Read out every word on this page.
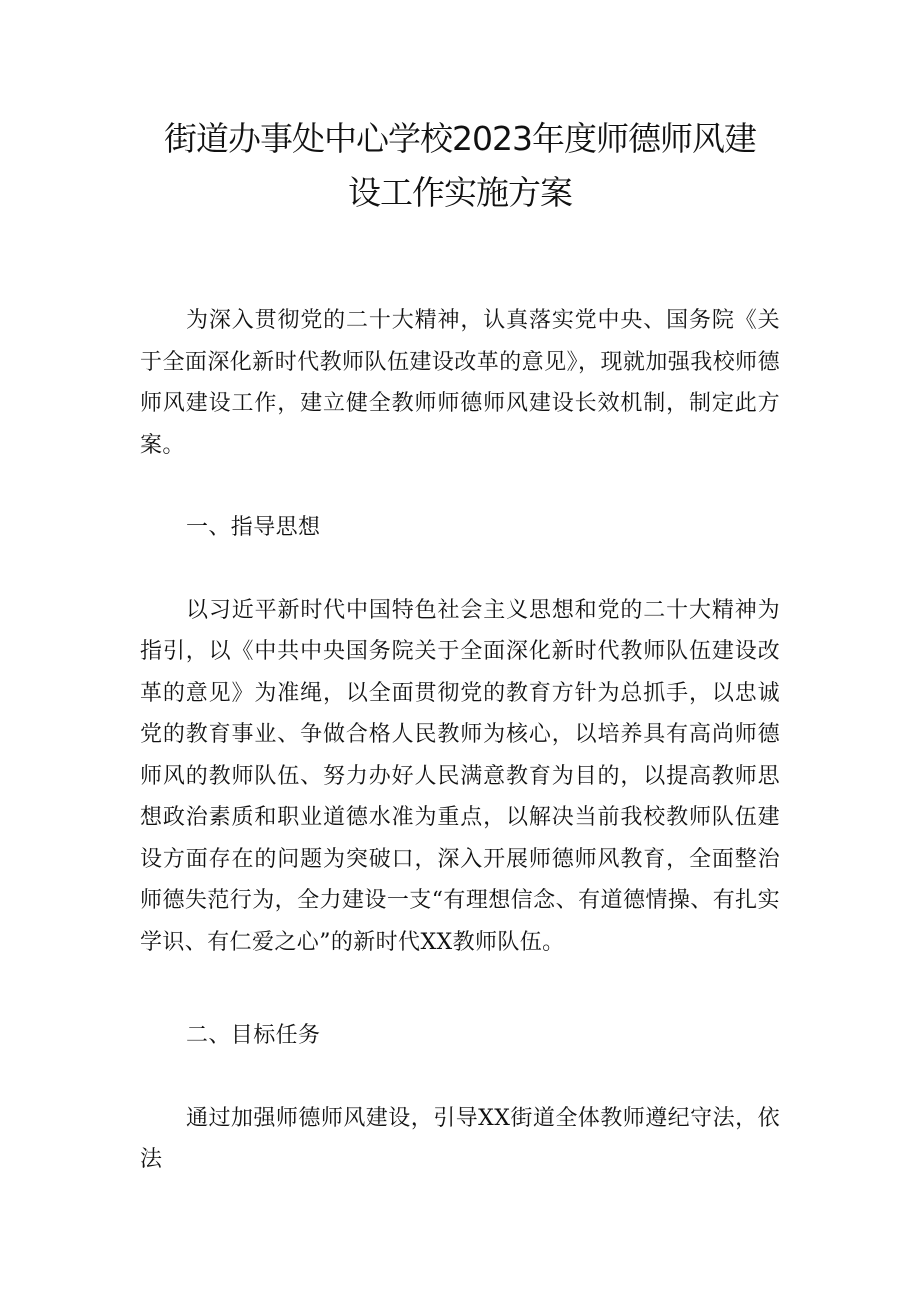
街道办事处中心学校2023年度师德师风建
设工作实施方案

为深入贯彻党的二十大精神，认真落实党中央、国务院《关于全面深化新时代教师队伍建设改革的意见》，现就加强我校师德师风建设工作，建立健全教师师德师风建设长效机制，制定此方案。

一、指导思想

以习近平新时代中国特色社会主义思想和党的二十大精神为指引，以《中共中央国务院关于全面深化新时代教师队伍建设改革的意见》为准绳，以全面贯彻党的教育方针为总抓手，以忠诚党的教育事业、争做合格人民教师为核心，以培养具有高尚师德师风的教师队伍、努力办好人民满意教育为目的，以提高教师思想政治素质和职业道德水准为重点，以解决当前我校教师队伍建设方面存在的问题为突破口，深入开展师德师风教育，全面整治师德失范行为，全力建设一支“有理想信念、有道德情操、有扎实学识、有仁爱之心”的新时代XX教师队伍。

二、目标任务

通过加强师德师风建设，引导XX街道全体教师遵纪守法，依法
